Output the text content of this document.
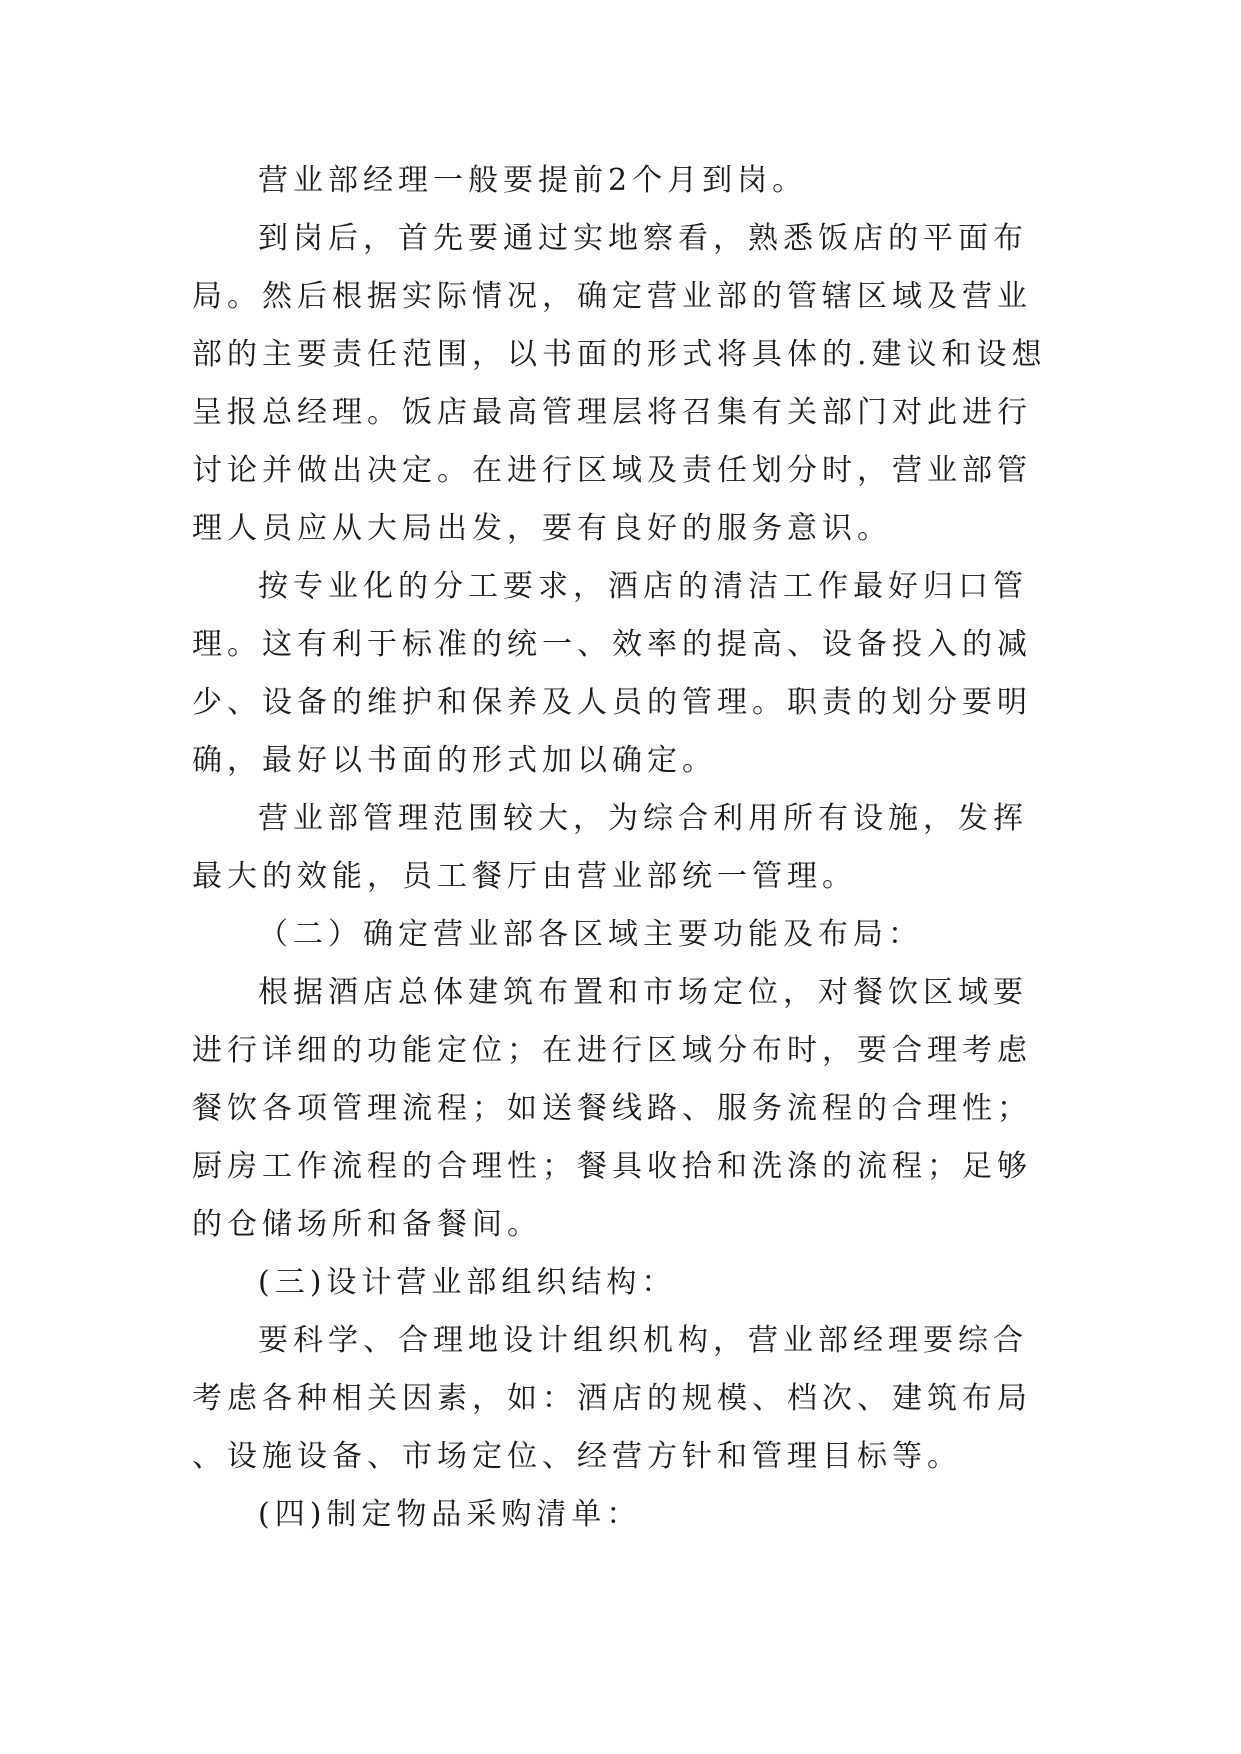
营业部经理一般要提前2个月到岗。

到岗后，首先要通过实地察看，熟悉饭店的平面布局。然后根据实际情况，确定营业部的管辖区域及营业部的主要责任范围，以书面的形式将具体的.建议和设想呈报总经理。饭店最高管理层将召集有关部门对此进行讨论并做出决定。在进行区域及责任划分时，营业部管理人员应从大局出发，要有良好的服务意识。

按专业化的分工要求，酒店的清洁工作最好归口管理。这有利于标准的统一、效率的提高、设备投入的减少、设备的维护和保养及人员的管理。职责的划分要明确，最好以书面的形式加以确定。

营业部管理范围较大，为综合利用所有设施，发挥最大的效能，员工餐厅由营业部统一管理。

（二）确定营业部各区域主要功能及布局：

根据酒店总体建筑布置和市场定位，对餐饮区域要进行详细的功能定位；在进行区域分布时，要合理考虑餐饮各项管理流程；如送餐线路、服务流程的合理性；厨房工作流程的合理性；餐具收拾和洗涤的流程；足够的仓储场所和备餐间。

(三)设计营业部组织结构：

要科学、合理地设计组织机构，营业部经理要综合考虑各种相关因素，如：酒店的规模、档次、建筑布局、设施设备、市场定位、经营方针和管理目标等。

(四)制定物品采购清单：
